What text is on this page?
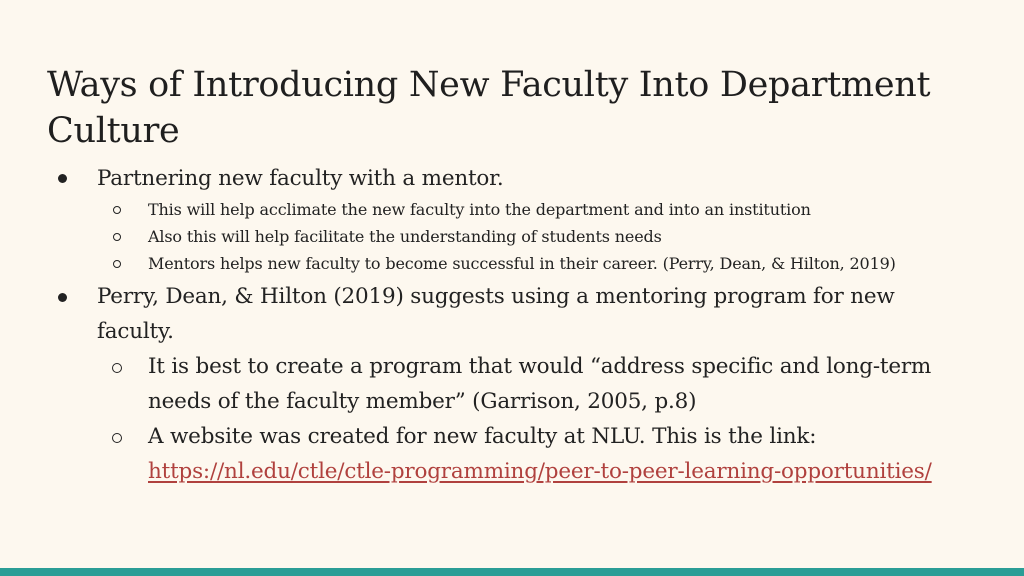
Ways of Introducing New Faculty Into Department Culture
Partnering new faculty with a mentor.
This will help acclimate the new faculty into the department and into an institution
Also this will help facilitate the understanding of students needs
Mentors helps new faculty to become successful in their career. (Perry, Dean, & Hilton, 2019)
Perry, Dean, & Hilton (2019) suggests using a mentoring program for new
faculty.
It is best to create a program that would “address specific and long-term
needs of the faculty member” (Garrison, 2005, p.8)
A website was created for new faculty at NLU. This is the link:
https://nl.edu/ctle/ctle-programming/peer-to-peer-learning-opportunities/
